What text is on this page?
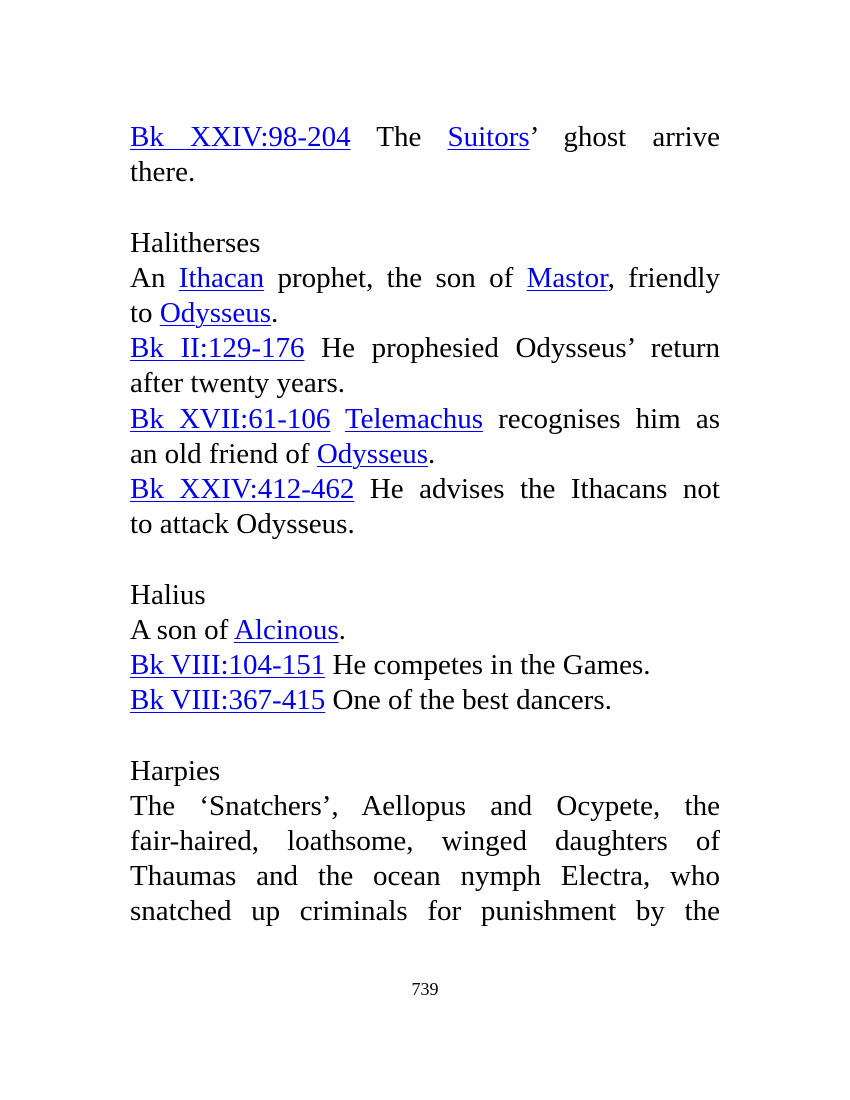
Bk XXIV:98-204 The Suitors’ ghost arrive
there.
Halitherses
An Ithacan prophet, the son of Mastor, friendly
to Odysseus.
Bk II:129-176 He prophesied Odysseus’ return
after twenty years.
Bk XVII:61-106 Telemachus recognises him as
an old friend of Odysseus.
Bk XXIV:412-462 He advises the Ithacans not
to attack Odysseus.
Halius
A son of Alcinous.
Bk VIII:104-151 He competes in the Games.
Bk VIII:367-415 One of the best dancers.
Harpies
The ‘Snatchers’, Aellopus and Ocypete, the
fair-haired, loathsome, winged daughters of
Thaumas and the ocean nymph Electra, who
snatched up criminals for punishment by the
739
